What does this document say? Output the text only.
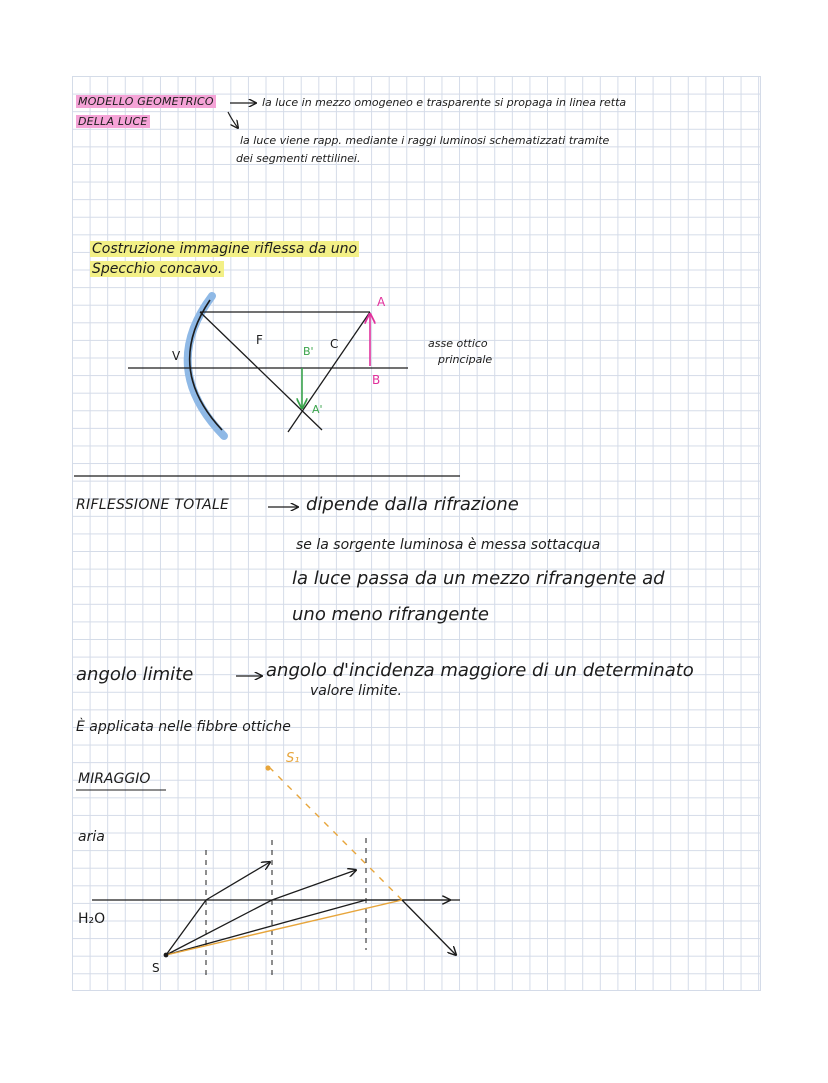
MODELLO GEOMETRICO
DELLA LUCE
la luce in mezzo omogeneo e trasparente si propaga in linea retta
la luce viene rapp. mediante i raggi luminosi schematizzati tramite
dei segmenti rettilinei.
Costruzione immagine riflessa da uno
Specchio concavo.
V
F	C
A
B
B'
A'
asse ottico
principale
RIFLESSIONE TOTALE	dipende dalla rifrazione
se la sorgente luminosa è messa sottacqua
la luce passa da un mezzo rifrangente ad
uno meno rifrangente
angolo limite	angolo d'incidenza maggiore di un determinato
valore limite.
È applicata nelle fibbre ottiche
MIRAGGIO
aria
H₂O
S
S₁
